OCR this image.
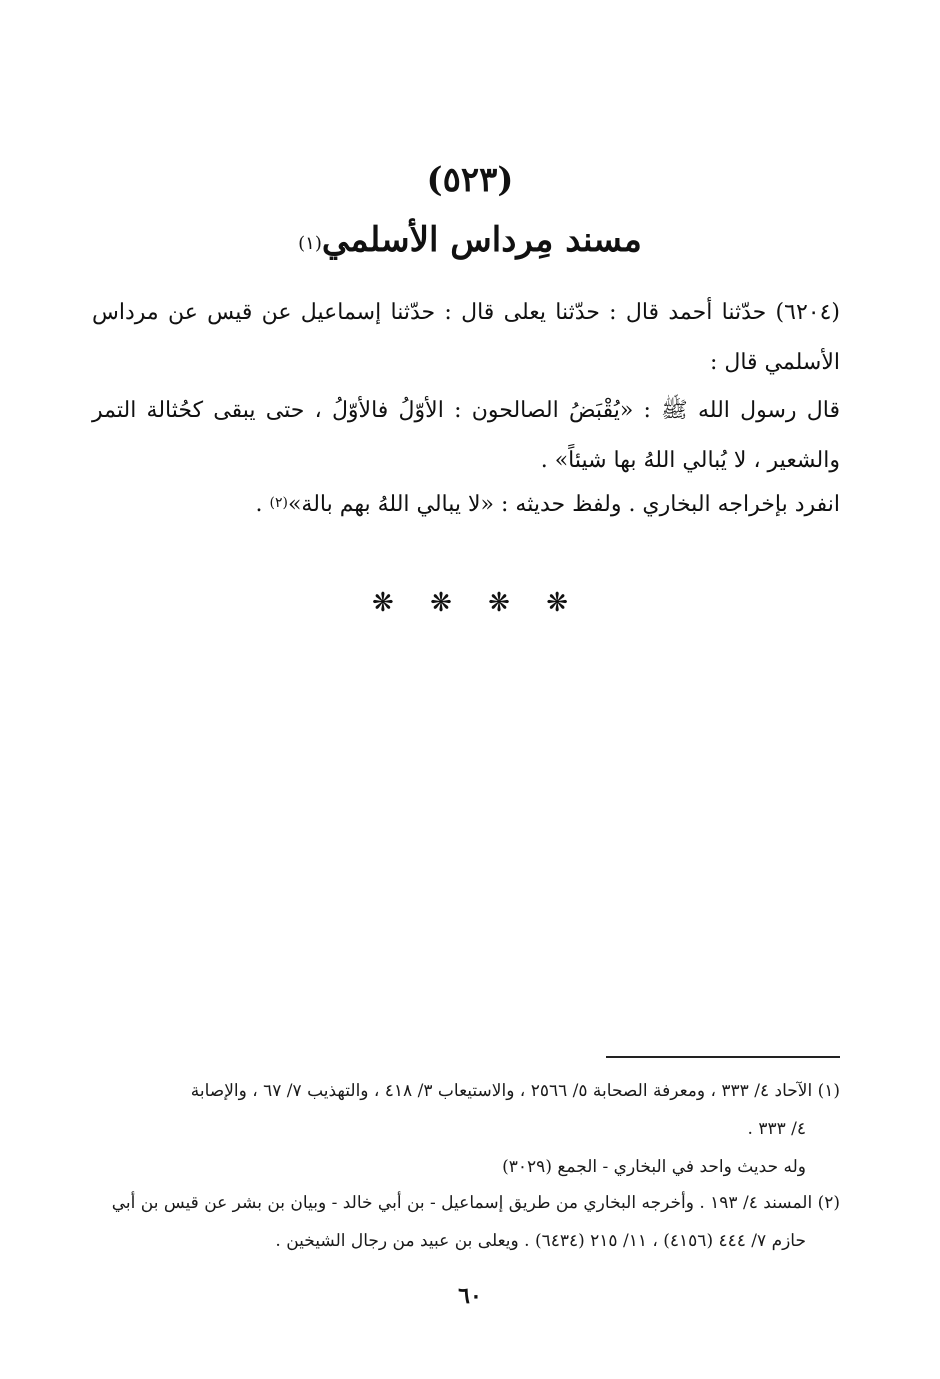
(٥٢٣)
مسند مِرداس الأسلمي$^{(١)}$
(٦٢٠٤) حدّثنا أحمد قال : حدّثنا يعلى قال : حدّثنا إسماعيل عن قيس عن مرداس
الأسلمي قال :
قال رسول الله ﷺ : «يُقْبَضُ الصالحون : الأوّلُ فالأوّلُ ، حتى يبقى كحُثالة التمر
والشعير ، لا يُبالي اللهُ بها شيئاً» .
انفرد بإخراجه البخاري . ولفظ حديثه : «لا يبالي اللهُ بهم بالة»$^{(٢)}$ .
❋ ❋ ❋ ❋
(١) الآحاد ٤/ ٣٣٣ ، ومعرفة الصحابة ٥/ ٢٥٦٦ ، والاستيعاب ٣/ ٤١٨ ، والتهذيب ٧/ ٦٧ ، والإصابة
٤/ ٣٣٣ .
وله حديث واحد في البخاري - الجمع (٣٠٢٩)
(٢) المسند ٤/ ١٩٣ . وأخرجه البخاري من طريق إسماعيل - بن أبي خالد - وبيان بن بشر عن قيس بن أبي
حازم ٧/ ٤٤٤ (٤١٥٦) ، ١١/ ٢١٥ (٦٤٣٤) . ويعلى بن عبيد من رجال الشيخين .
٦٠
